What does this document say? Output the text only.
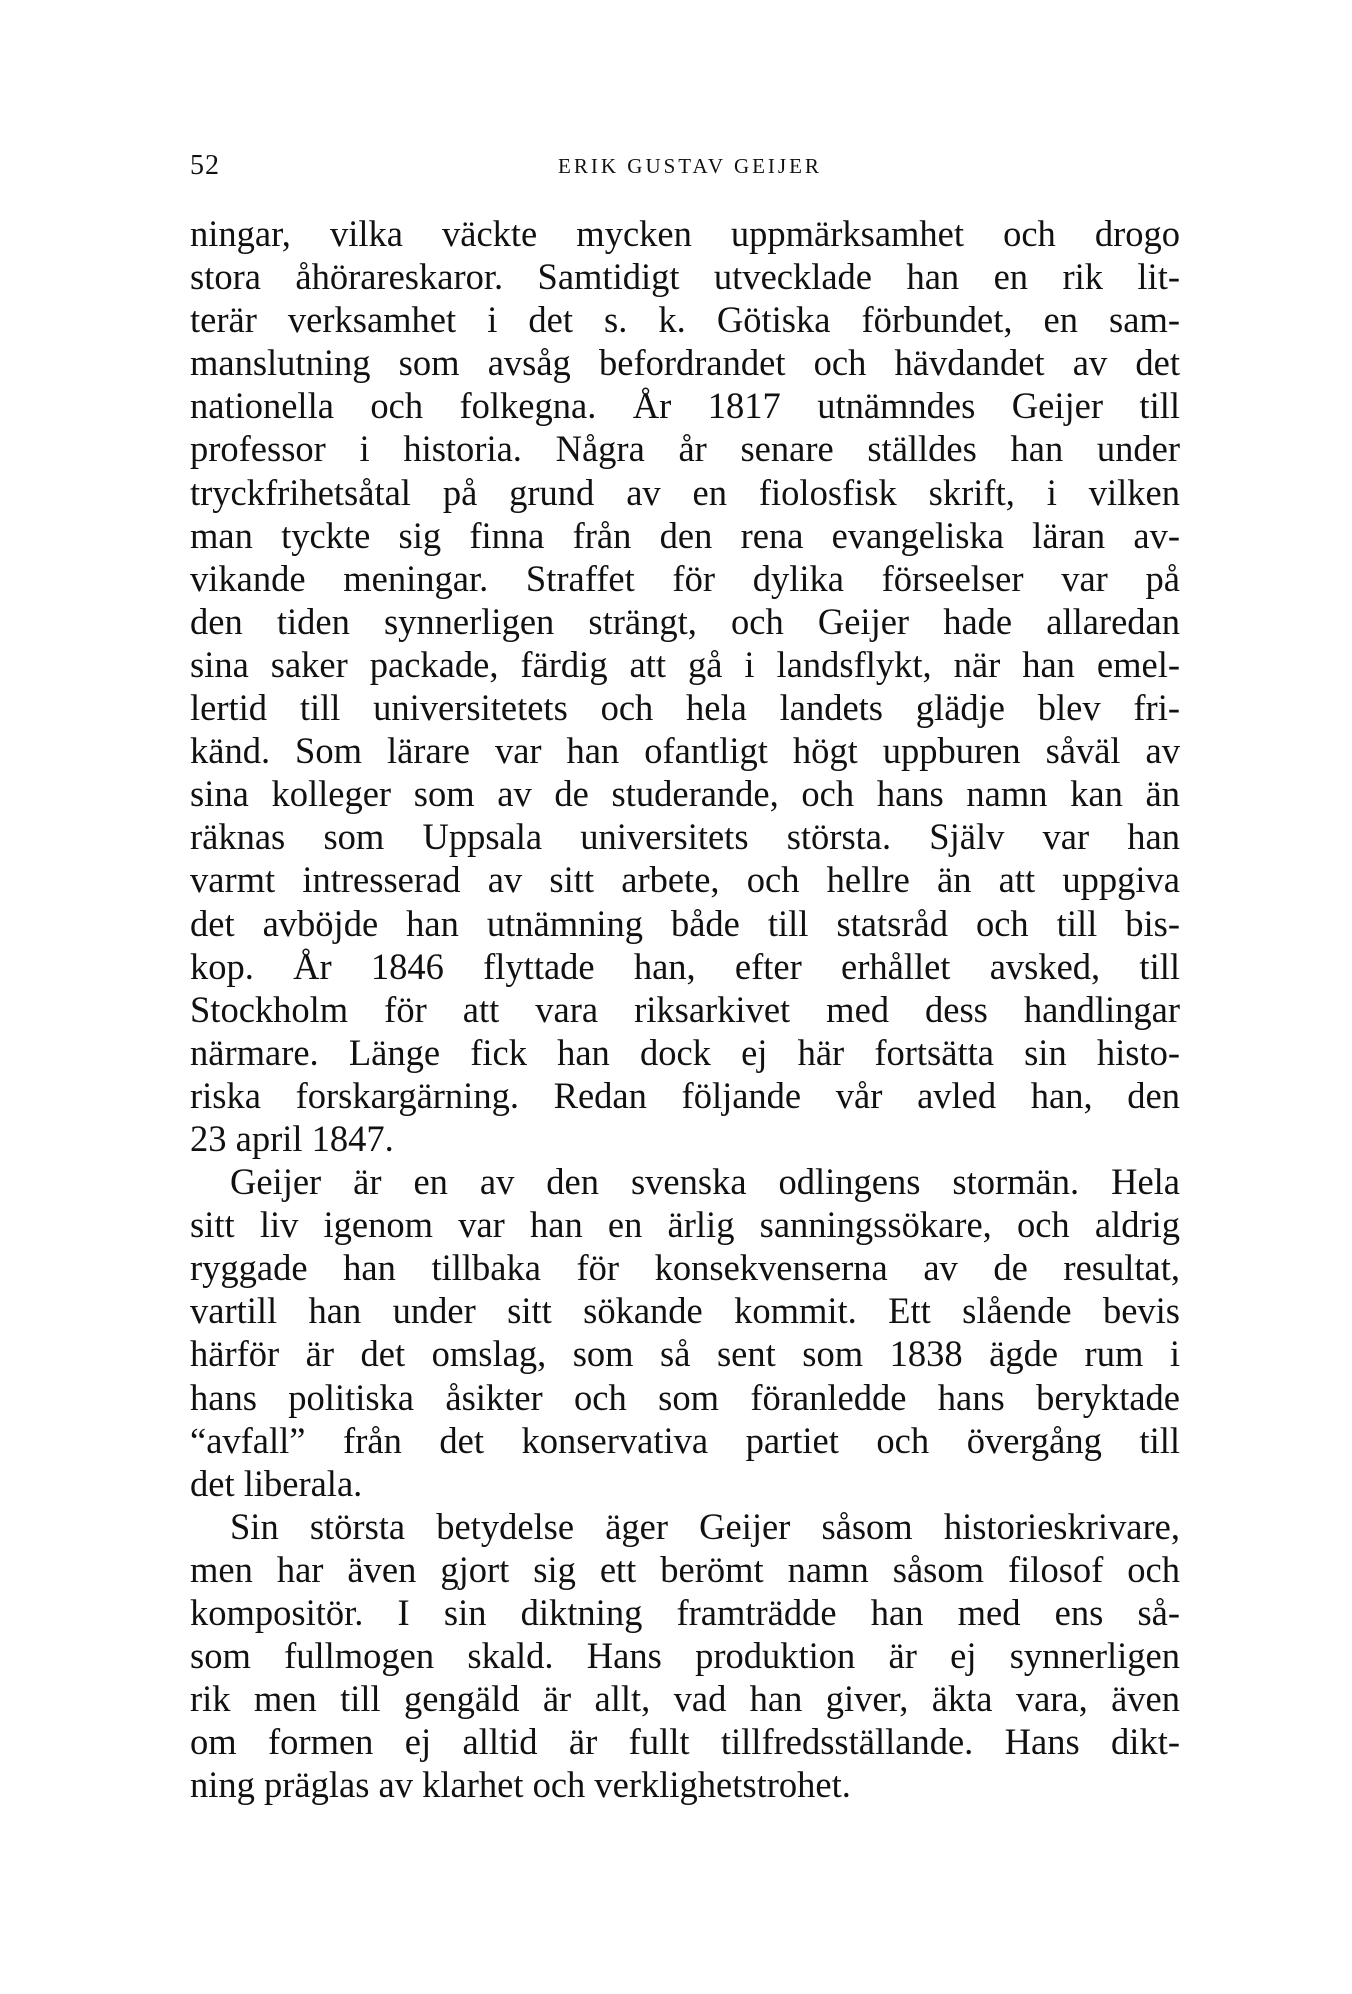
52	ERIK GUSTAV GEIJER
ningar, vilka väckte mycken uppmärksamhet och drogo
stora åhörareskaror. Samtidigt utvecklade han en rik lit-
terär verksamhet i det s. k. Götiska förbundet, en sam-
manslutning som avsåg befordrandet och hävdandet av det
nationella och folkegna. År 1817 utnämndes Geijer till
professor i historia. Några år senare ställdes han under
tryckfrihetsåtal på grund av en fiolosfisk skrift, i vilken
man tyckte sig finna från den rena evangeliska läran av-
vikande meningar. Straffet för dylika förseelser var på
den tiden synnerligen strängt, och Geijer hade allaredan
sina saker packade, färdig att gå i landsflykt, när han emel-
lertid till universitetets och hela landets glädje blev fri-
känd. Som lärare var han ofantligt högt uppburen såväl av
sina kolleger som av de studerande, och hans namn kan än
räknas som Uppsala universitets största. Själv var han
varmt intresserad av sitt arbete, och hellre än att uppgiva
det avböjde han utnämning både till statsråd och till bis-
kop. År 1846 flyttade han, efter erhållet avsked, till
Stockholm för att vara riksarkivet med dess handlingar
närmare. Länge fick han dock ej här fortsätta sin histo-
riska forskargärning. Redan följande vår avled han, den
23 april 1847.
Geijer är en av den svenska odlingens stormän. Hela
sitt liv igenom var han en ärlig sanningssökare, och aldrig
ryggade han tillbaka för konsekvenserna av de resultat,
vartill han under sitt sökande kommit. Ett slående bevis
härför är det omslag, som så sent som 1838 ägde rum i
hans politiska åsikter och som föranledde hans beryktade
“avfall” från det konservativa partiet och övergång till
det liberala.
Sin största betydelse äger Geijer såsom historieskrivare,
men har även gjort sig ett berömt namn såsom filosof och
kompositör. I sin diktning framträdde han med ens så-
som fullmogen skald. Hans produktion är ej synnerligen
rik men till gengäld är allt, vad han giver, äkta vara, även
om formen ej alltid är fullt tillfredsställande. Hans dikt-
ning präglas av klarhet och verklighetstrohet.
